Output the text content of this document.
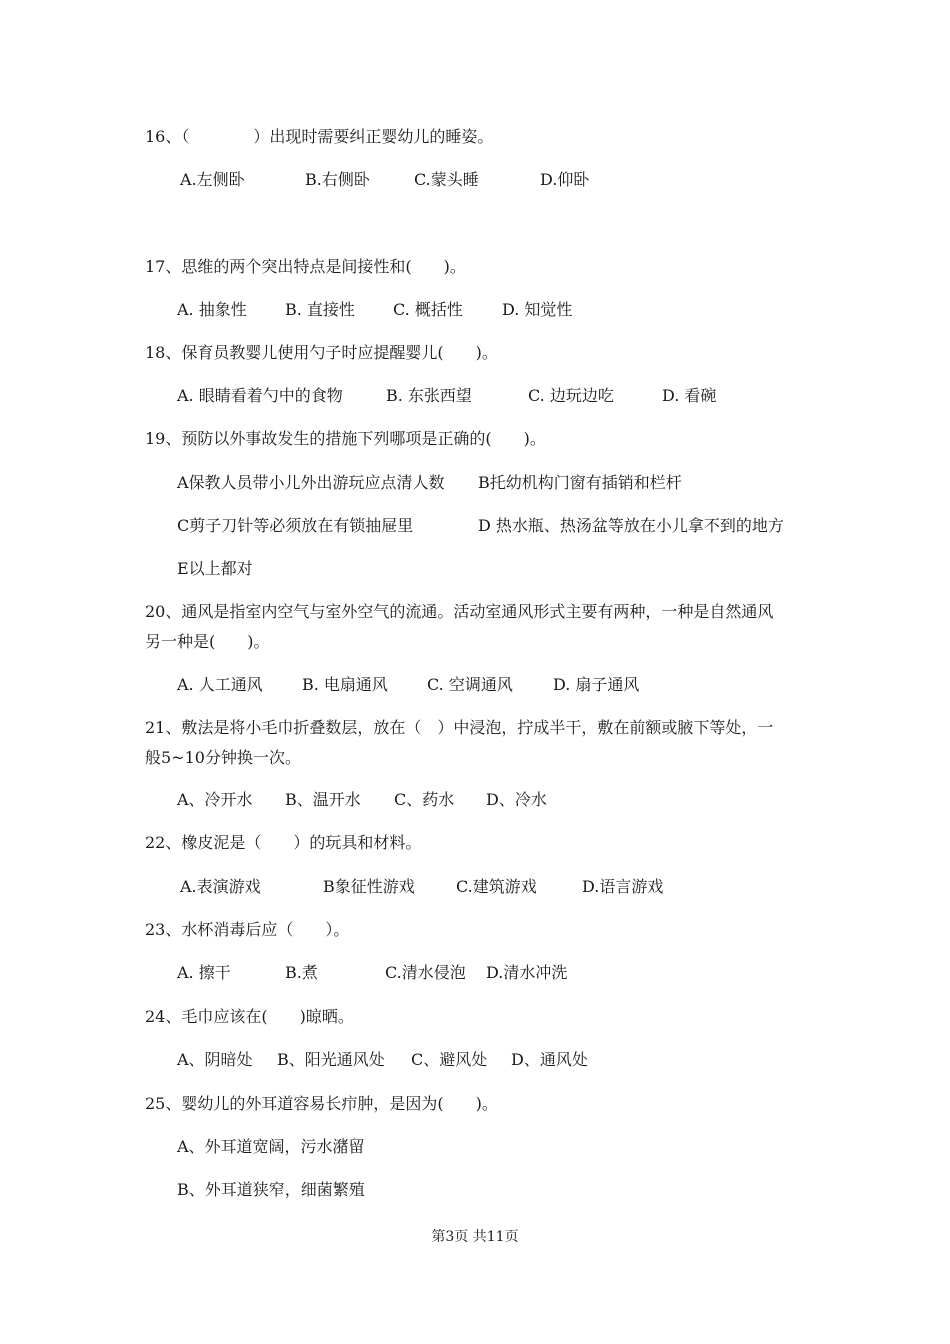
16、（　　　　）出现时需要纠正婴幼儿的睡姿。
A.左侧卧	B.右侧卧	C.蒙头睡	D.仰卧
17、思维的两个突出特点是间接性和(　　)。
A. 抽象性 B. 直接性 C. 概括性 D. 知觉性
18、保育员教婴儿使用勺子时应提醒婴儿(　　)。
A. 眼睛看着勺中的食物	B. 东张西望	C. 边玩边吃	D. 看碗
19、预防以外事故发生的措施下列哪项是正确的(　　)。
A保教人员带小儿外出游玩应点清人数 B托幼机构门窗有插销和栏杆
C剪子刀针等必须放在有锁抽屉里	D 热水瓶、热汤盆等放在小儿拿不到的地方
E以上都对
20、通风是指室内空气与室外空气的流通。活动室通风形式主要有两种，一种是自然通风
另一种是(　　)。
A. 人工通风 B. 电扇通风 C. 空调通风	D. 扇子通风
21、敷法是将小毛巾折叠数层，放在（　）中浸泡，拧成半干，敷在前额或腋下等处，一
般5~10分钟换一次。
A、冷开水 B、温开水 C、药水 D、冷水
22、橡皮泥是（　　）的玩具和材料。
A.表演游戏	B象征性游戏	C.建筑游戏	D.语言游戏
23、水杯消毒后应（　　）。
A. 擦干	B.煮	C.清水侵泡 D.清水冲洗
24、毛巾应该在(　　)晾晒。
A、阴暗处 B、阳光通风处 C、避风处 D、通风处
25、婴幼儿的外耳道容易长疖肿，是因为(　　)。
A、外耳道宽阔，污水潴留
B、外耳道狭窄，细菌繁殖
第3页 共11页
